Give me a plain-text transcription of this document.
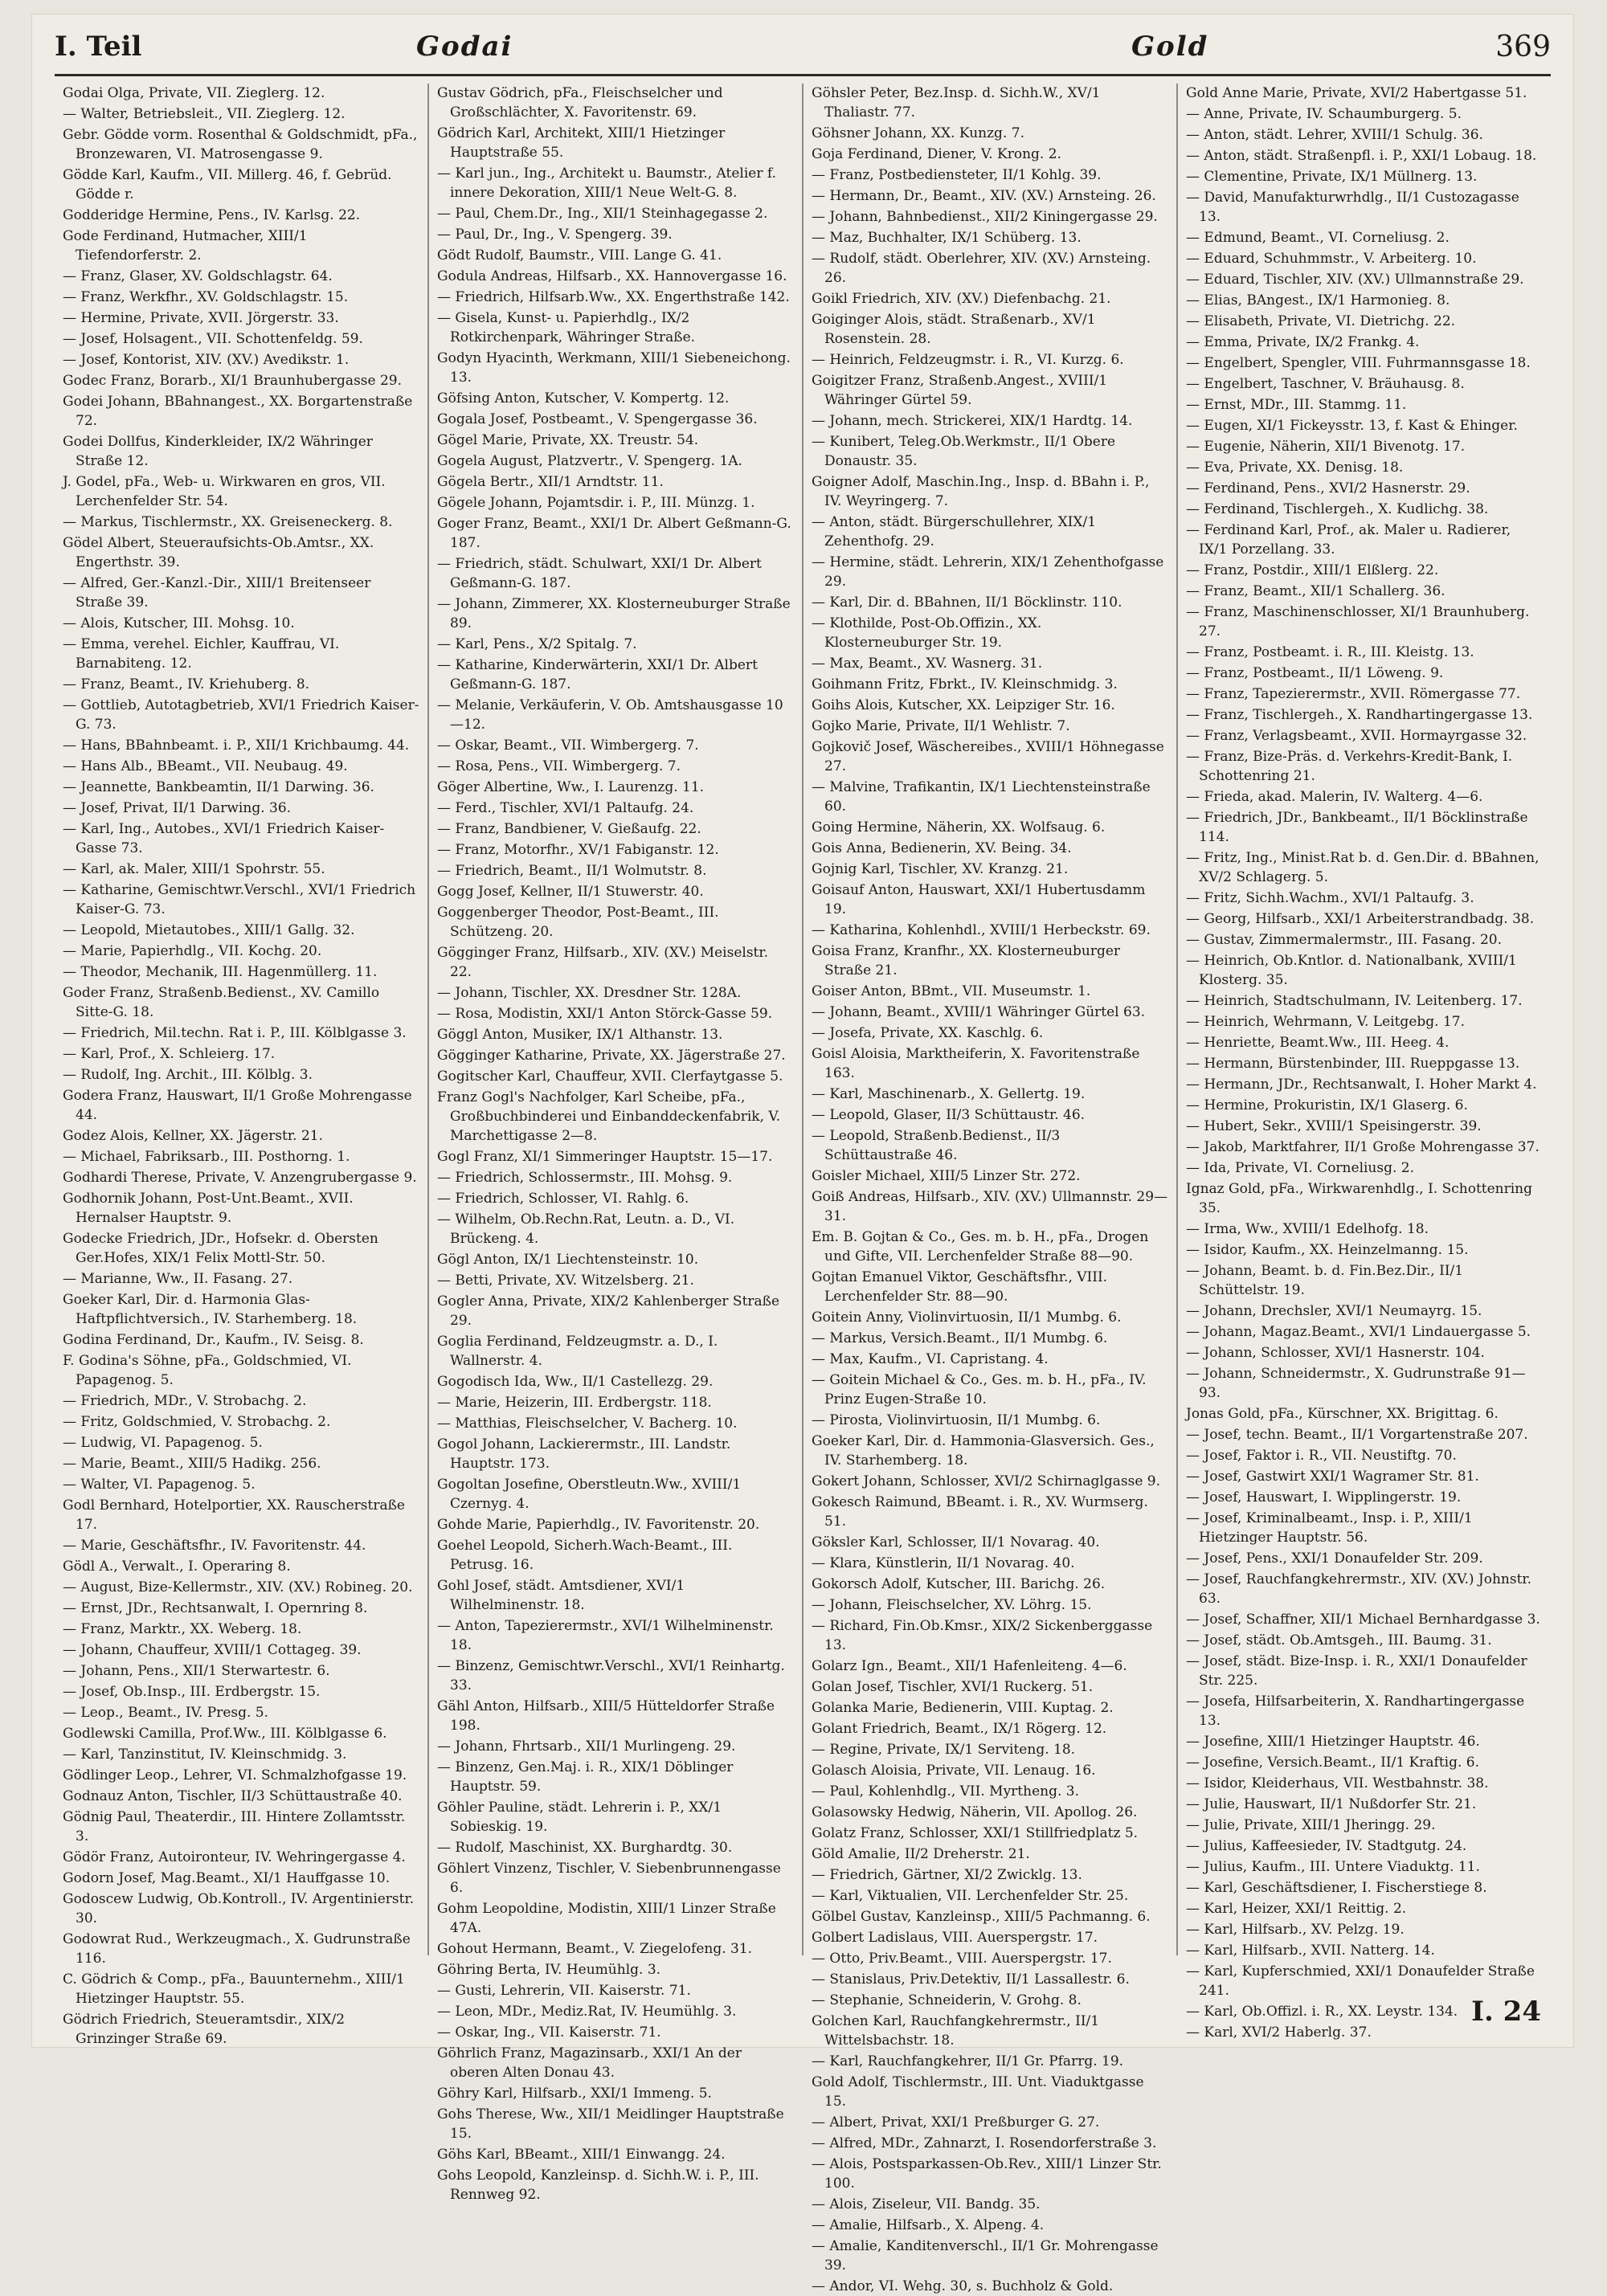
I. Teil	Godai	Gold	369

Godai Olga, Private, VII. Zieglerg. 12.

— Walter, Betriebsleit., VII. Zieglerg. 12.

Gebr. Gödde vorm. Rosenthal & Goldschmidt, pFa., Bronzewaren, VI. Matrosengasse 9.

Gödde Karl, Kaufm., VII. Millerg. 46, f. Gebrüd. Gödde r.

Godderidge Hermine, Pens., IV. Karlsg. 22.

Gode Ferdinand, Hutmacher, XIII/1 Tiefendorferstr. 2.

— Franz, Glaser, XV. Goldschlagstr. 64.

— Franz, Werkfhr., XV. Goldschlagstr. 15.

— Hermine, Private, XVII. Jörgerstr. 33.

— Josef, Holsagent., VII. Schottenfeldg. 59.

— Josef, Kontorist, XIV. (XV.) Avedikstr. 1.

Godec Franz, Borarb., XI/1 Braunhubergasse 29.

Godei Johann, BBahnangest., XX. Borgartenstraße 72.

Godei Dollfus, Kinderkleider, IX/2 Währinger Straße 12.

J. Godel, pFa., Web- u. Wirkwaren en gros, VII. Lerchenfelder Str. 54.

— Markus, Tischlermstr., XX. Greiseneckerg. 8.

Gödel Albert, Steueraufsichts-Ob.Amtsr., XX. Engerthstr. 39.

— Alfred, Ger.-Kanzl.-Dir., XIII/1 Breitenseer Straße 39.

— Alois, Kutscher, III. Mohsg. 10.

— Emma, verehel. Eichler, Kauffrau, VI. Barnabiteng. 12.

— Franz, Beamt., IV. Kriehuberg. 8.

— Gottlieb, Autotagbetrieb, XVI/1 Friedrich Kaiser-G. 73.

— Hans, BBahnbeamt. i. P., XII/1 Krichbaumg. 44.

— Hans Alb., BBeamt., VII. Neubaug. 49.

— Jeannette, Bankbeamtin, II/1 Darwing. 36.

— Josef, Privat, II/1 Darwing. 36.

— Karl, Ing., Autobes., XVI/1 Friedrich Kaiser-Gasse 73.

— Karl, ak. Maler, XIII/1 Spohrstr. 55.

— Katharine, Gemischtwr.Verschl., XVI/1 Friedrich Kaiser-G. 73.

— Leopold, Mietautobes., XIII/1 Gallg. 32.

— Marie, Papierhdlg., VII. Kochg. 20.

— Theodor, Mechanik, III. Hagenmüllerg. 11.

Goder Franz, Straßenb.Bedienst., XV. Camillo Sitte-G. 18.

— Friedrich, Mil.techn. Rat i. P., III. Kölblgasse 3.

— Karl, Prof., X. Schleierg. 17.

— Rudolf, Ing. Archit., III. Kölblg. 3.

Godera Franz, Hauswart, II/1 Große Mohrengasse 44.

Godez Alois, Kellner, XX. Jägerstr. 21.

— Michael, Fabriksarb., III. Posthorng. 1.

Godhardi Therese, Private, V. Anzengrubergasse 9.

Godhornik Johann, Post-Unt.Beamt., XVII. Hernalser Hauptstr. 9.

Godecke Friedrich, JDr., Hofsekr. d. Obersten Ger.Hofes, XIX/1 Felix Mottl-Str. 50.

— Marianne, Ww., II. Fasang. 27.

Goeker Karl, Dir. d. Harmonia Glas-Haftpflichtversich., IV. Starhemberg. 18.

Godina Ferdinand, Dr., Kaufm., IV. Seisg. 8.

F. Godina's Söhne, pFa., Goldschmied, VI. Papagenog. 5.

— Friedrich, MDr., V. Strobachg. 2.

— Fritz, Goldschmied, V. Strobachg. 2.

— Ludwig, VI. Papagenog. 5.

— Marie, Beamt., XIII/5 Hadikg. 256.

— Walter, VI. Papagenog. 5.

Godl Bernhard, Hotelportier, XX. Rauscherstraße 17.

— Marie, Geschäftsfhr., IV. Favoritenstr. 44.

Gödl A., Verwalt., I. Operaring 8.

— August, Bize-Kellermstr., XIV. (XV.) Robineg. 20.

— Ernst, JDr., Rechtsanwalt, I. Opernring 8.

— Franz, Marktr., XX. Weberg. 18.

— Johann, Chauffeur, XVIII/1 Cottageg. 39.

— Johann, Pens., XII/1 Sterwartestr. 6.

— Josef, Ob.Insp., III. Erdbergstr. 15.

— Leop., Beamt., IV. Presg. 5.

Godlewski Camilla, Prof.Ww., III. Kölblgasse 6.

— Karl, Tanzinstitut, IV. Kleinschmidg. 3.

Gödlinger Leop., Lehrer, VI. Schmalzhofgasse 19.

Godnauz Anton, Tischler, II/3 Schüttaustraße 40.

Gödnig Paul, Theaterdir., III. Hintere Zollamtsstr. 3.

Gödör Franz, Autoironteur, IV. Wehringergasse 4.

Godorn Josef, Mag.Beamt., XI/1 Hauffgasse 10.

Godoscew Ludwig, Ob.Kontroll., IV. Argentinierstr. 30.

Godowrat Rud., Werkzeugmach., X. Gudrunstraße 116.

C. Gödrich & Comp., pFa., Bauunternehm., XIII/1 Hietzinger Hauptstr. 55.

Gödrich Friedrich, Steueramtsdir., XIX/2 Grinzinger Straße 69.

Gustav Gödrich, pFa., Fleischselcher und Großschlächter, X. Favoritenstr. 69.

Gödrich Karl, Architekt, XIII/1 Hietzinger Hauptstraße 55.

— Karl jun., Ing., Architekt u. Baumstr., Atelier f. innere Dekoration, XIII/1 Neue Welt-G. 8.

— Paul, Chem.Dr., Ing., XII/1 Steinhagegasse 2.

— Paul, Dr., Ing., V. Spengerg. 39.

Gödt Rudolf, Baumstr., VIII. Lange G. 41.

Godula Andreas, Hilfsarb., XX. Hannovergasse 16.

— Friedrich, Hilfsarb.Ww., XX. Engerthstraße 142.

— Gisela, Kunst- u. Papierhdlg., IX/2 Rotkirchenpark, Währinger Straße.

Godyn Hyacinth, Werkmann, XIII/1 Siebeneichong. 13.

Göfsing Anton, Kutscher, V. Kompertg. 12.

Gogala Josef, Postbeamt., V. Spengergasse 36.

Gögel Marie, Private, XX. Treustr. 54.

Gogela August, Platzvertr., V. Spengerg. 1A.

Gögela Bertr., XII/1 Arndtstr. 11.

Gögele Johann, Pojamtsdir. i. P., III. Münzg. 1.

Goger Franz, Beamt., XXI/1 Dr. Albert Geßmann-G. 187.

— Friedrich, städt. Schulwart, XXI/1 Dr. Albert Geßmann-G. 187.

— Johann, Zimmerer, XX. Klosterneuburger Straße 89.

— Karl, Pens., X/2 Spitalg. 7.

— Katharine, Kinderwärterin, XXI/1 Dr. Albert Geßmann-G. 187.

— Melanie, Verkäuferin, V. Ob. Amtshausgasse 10—12.

— Oskar, Beamt., VII. Wimbergerg. 7.

— Rosa, Pens., VII. Wimbergerg. 7.

Göger Albertine, Ww., I. Laurenzg. 11.

— Ferd., Tischler, XVI/1 Paltaufg. 24.

— Franz, Bandbiener, V. Gießaufg. 22.

— Franz, Motorfhr., XV/1 Fabiganstr. 12.

— Friedrich, Beamt., II/1 Wolmutstr. 8.

Gogg Josef, Kellner, II/1 Stuwerstr. 40.

Goggenberger Theodor, Post-Beamt., III. Schützeng. 20.

Gögginger Franz, Hilfsarb., XIV. (XV.) Meiselstr. 22.

— Johann, Tischler, XX. Dresdner Str. 128A.

— Rosa, Modistin, XXI/1 Anton Störck-Gasse 59.

Göggl Anton, Musiker, IX/1 Althanstr. 13.

Gögginger Katharine, Private, XX. Jägerstraße 27.

Gogitscher Karl, Chauffeur, XVII. Clerfaytgasse 5.

Franz Gogl's Nachfolger, Karl Scheibe, pFa., Großbuchbinderei und Einbanddeckenfabrik, V. Marchettigasse 2—8.

Gogl Franz, XI/1 Simmeringer Hauptstr. 15—17.

— Friedrich, Schlossermstr., III. Mohsg. 9.

— Friedrich, Schlosser, VI. Rahlg. 6.

— Wilhelm, Ob.Rechn.Rat, Leutn. a. D., VI. Brückeng. 4.

Gögl Anton, IX/1 Liechtensteinstr. 10.

— Betti, Private, XV. Witzelsberg. 21.

Gogler Anna, Private, XIX/2 Kahlenberger Straße 29.

Goglia Ferdinand, Feldzeugmstr. a. D., I. Wallnerstr. 4.

Gogodisch Ida, Ww., II/1 Castellezg. 29.

— Marie, Heizerin, III. Erdbergstr. 118.

— Matthias, Fleischselcher, V. Bacherg. 10.

Gogol Johann, Lackierermstr., III. Landstr. Hauptstr. 173.

Gogoltan Josefine, Oberstleutn.Ww., XVIII/1 Czernyg. 4.

Gohde Marie, Papierhdlg., IV. Favoritenstr. 20.

Goehel Leopold, Sicherh.Wach-Beamt., III. Petrusg. 16.

Gohl Josef, städt. Amtsdiener, XVI/1 Wilhelminenstr. 18.

— Anton, Tapezierermstr., XVI/1 Wilhelminenstr. 18.

— Binzenz, Gemischtwr.Verschl., XVI/1 Reinhartg. 33.

Gähl Anton, Hilfsarb., XIII/5 Hütteldorfer Straße 198.

— Johann, Fhrtsarb., XII/1 Murlingeng. 29.

— Binzenz, Gen.Maj. i. R., XIX/1 Döblinger Hauptstr. 59.

Göhler Pauline, städt. Lehrerin i. P., XX/1 Sobieskig. 19.

— Rudolf, Maschinist, XX. Burghardtg. 30.

Göhlert Vinzenz, Tischler, V. Siebenbrunnengasse 6.

Gohm Leopoldine, Modistin, XIII/1 Linzer Straße 47A.

Gohout Hermann, Beamt., V. Ziegelofeng. 31.

Göhring Berta, IV. Heumühlg. 3.

— Gusti, Lehrerin, VII. Kaiserstr. 71.

— Leon, MDr., Mediz.Rat, IV. Heumühlg. 3.

— Oskar, Ing., VII. Kaiserstr. 71.

Göhrlich Franz, Magazinsarb., XXI/1 An der oberen Alten Donau 43.

Göhry Karl, Hilfsarb., XXI/1 Immeng. 5.

Gohs Therese, Ww., XII/1 Meidlinger Hauptstraße 15.

Göhs Karl, BBeamt., XIII/1 Einwangg. 24.

Gohs Leopold, Kanzleinsp. d. Sichh.W. i. P., III. Rennweg 92.

Göhsler Peter, Bez.Insp. d. Sichh.W., XV/1 Thaliastr. 77.

Göhsner Johann, XX. Kunzg. 7.

Goja Ferdinand, Diener, V. Krong. 2.

— Franz, Postbediensteter, II/1 Kohlg. 39.

— Hermann, Dr., Beamt., XIV. (XV.) Arnsteing. 26.

— Johann, Bahnbedienst., XII/2 Kiningergasse 29.

— Maz, Buchhalter, IX/1 Schüberg. 13.

— Rudolf, städt. Oberlehrer, XIV. (XV.) Arnsteing. 26.

Goikl Friedrich, XIV. (XV.) Diefenbachg. 21.

Goiginger Alois, städt. Straßenarb., XV/1 Rosenstein. 28.

— Heinrich, Feldzeugmstr. i. R., VI. Kurzg. 6.

Goigitzer Franz, Straßenb.Angest., XVIII/1 Währinger Gürtel 59.

— Johann, mech. Strickerei, XIX/1 Hardtg. 14.

— Kunibert, Teleg.Ob.Werkmstr., II/1 Obere Donaustr. 35.

Goigner Adolf, Maschin.Ing., Insp. d. BBahn i. P., IV. Weyringerg. 7.

— Anton, städt. Bürgerschullehrer, XIX/1 Zehenthofg. 29.

— Hermine, städt. Lehrerin, XIX/1 Zehenthofgasse 29.

— Karl, Dir. d. BBahnen, II/1 Böcklinstr. 110.

— Klothilde, Post-Ob.Offizin., XX. Klosterneuburger Str. 19.

— Max, Beamt., XV. Wasnerg. 31.

Goihmann Fritz, Fbrkt., IV. Kleinschmidg. 3.

Goihs Alois, Kutscher, XX. Leipziger Str. 16.

Gojko Marie, Private, II/1 Wehlistr. 7.

Gojkovič Josef, Wäschereibes., XVIII/1 Höhnegasse 27.

— Malvine, Trafikantin, IX/1 Liechtensteinstraße 60.

Going Hermine, Näherin, XX. Wolfsaug. 6.

Gois Anna, Bedienerin, XV. Being. 34.

Gojnig Karl, Tischler, XV. Kranzg. 21.

Goisauf Anton, Hauswart, XXI/1 Hubertusdamm 19.

— Katharina, Kohlenhdl., XVIII/1 Herbeckstr. 69.

Goisa Franz, Kranfhr., XX. Klosterneuburger Straße 21.

Goiser Anton, BBmt., VII. Museumstr. 1.

— Johann, Beamt., XVIII/1 Währinger Gürtel 63.

— Josefa, Private, XX. Kaschlg. 6.

Goisl Aloisia, Marktheiferin, X. Favoritenstraße 163.

— Karl, Maschinenarb., X. Gellertg. 19.

— Leopold, Glaser, II/3 Schüttaustr. 46.

— Leopold, Straßenb.Bedienst., II/3 Schüttaustraße 46.

Goisler Michael, XIII/5 Linzer Str. 272.

Goiß Andreas, Hilfsarb., XIV. (XV.) Ullmannstr. 29—31.

Em. B. Gojtan & Co., Ges. m. b. H., pFa., Drogen und Gifte, VII. Lerchenfelder Straße 88—90.

Gojtan Emanuel Viktor, Geschäftsfhr., VIII. Lerchenfelder Str. 88—90.

Goitein Anny, Violinvirtuosin, II/1 Mumbg. 6.

— Markus, Versich.Beamt., II/1 Mumbg. 6.

— Max, Kaufm., VI. Capristang. 4.

— Goitein Michael & Co., Ges. m. b. H., pFa., IV. Prinz Eugen-Straße 10.

— Pirosta, Violinvirtuosin, II/1 Mumbg. 6.

Goeker Karl, Dir. d. Hammonia-Glasversich. Ges., IV. Starhemberg. 18.

Gokert Johann, Schlosser, XVI/2 Schirnaglgasse 9.

Gokesch Raimund, BBeamt. i. R., XV. Wurmserg. 51.

Göksler Karl, Schlosser, II/1 Novarag. 40.

— Klara, Künstlerin, II/1 Novarag. 40.

Gokorsch Adolf, Kutscher, III. Barichg. 26.

— Johann, Fleischselcher, XV. Löhrg. 15.

— Richard, Fin.Ob.Kmsr., XIX/2 Sickenberggasse 13.

Golarz Ign., Beamt., XII/1 Hafenleiteng. 4—6.

Golan Josef, Tischler, XVI/1 Ruckerg. 51.

Golanka Marie, Bedienerin, VIII. Kuptag. 2.

Golant Friedrich, Beamt., IX/1 Rögerg. 12.

— Regine, Private, IX/1 Serviteng. 18.

Golasch Aloisia, Private, VII. Lenaug. 16.

— Paul, Kohlenhdlg., VII. Myrtheng. 3.

Golasowsky Hedwig, Näherin, VII. Apollog. 26.

Golatz Franz, Schlosser, XXI/1 Stillfriedplatz 5.

Göld Amalie, II/2 Dreherstr. 21.

— Friedrich, Gärtner, XI/2 Zwicklg. 13.

— Karl, Viktualien, VII. Lerchenfelder Str. 25.

Gölbel Gustav, Kanzleinsp., XIII/5 Pachmanng. 6.

Golbert Ladislaus, VIII. Auerspergstr. 17.

— Otto, Priv.Beamt., VIII. Auerspergstr. 17.

— Stanislaus, Priv.Detektiv, II/1 Lassallestr. 6.

— Stephanie, Schneiderin, V. Grohg. 8.

Golchen Karl, Rauchfangkehrermstr., II/1 Wittelsbachstr. 18.

— Karl, Rauchfangkehrer, II/1 Gr. Pfarrg. 19.

Gold Adolf, Tischlermstr., III. Unt. Viaduktgasse 15.

— Albert, Privat, XXI/1 Preßburger G. 27.

— Alfred, MDr., Zahnarzt, I. Rosendorferstraße 3.

— Alois, Postsparkassen-Ob.Rev., XIII/1 Linzer Str. 100.

— Alois, Ziseleur, VII. Bandg. 35.

— Amalie, Hilfsarb., X. Alpeng. 4.

— Amalie, Kanditenverschl., II/1 Gr. Mohrengasse 39.

— Andor, VI. Wehg. 30, s. Buchholz & Gold.

Gold Anne Marie, Private, XVI/2 Habertgasse 51.

— Anne, Private, IV. Schaumburgerg. 5.

— Anton, städt. Lehrer, XVIII/1 Schulg. 36.

— Anton, städt. Straßenpfl. i. P., XXI/1 Lobaug. 18.

— Clementine, Private, IX/1 Müllnerg. 13.

— David, Manufakturwrhdlg., II/1 Custozagasse 13.

— Edmund, Beamt., VI. Corneliusg. 2.

— Eduard, Schuhmmstr., V. Arbeiterg. 10.

— Eduard, Tischler, XIV. (XV.) Ullmannstraße 29.

— Elias, BAngest., IX/1 Harmonieg. 8.

— Elisabeth, Private, VI. Dietrichg. 22.

— Emma, Private, IX/2 Frankg. 4.

— Engelbert, Spengler, VIII. Fuhrmannsgasse 18.

— Engelbert, Taschner, V. Bräuhausg. 8.

— Ernst, MDr., III. Stammg. 11.

— Eugen, XI/1 Fickeysstr. 13, f. Kast & Ehinger.

— Eugenie, Näherin, XII/1 Bivenotg. 17.

— Eva, Private, XX. Denisg. 18.

— Ferdinand, Pens., XVI/2 Hasnerstr. 29.

— Ferdinand, Tischlergeh., X. Kudlichg. 38.

— Ferdinand Karl, Prof., ak. Maler u. Radierer, IX/1 Porzellang. 33.

— Franz, Postdir., XIII/1 Elßlerg. 22.

— Franz, Beamt., XII/1 Schallerg. 36.

— Franz, Maschinenschlosser, XI/1 Braunhuberg. 27.

— Franz, Postbeamt. i. R., III. Kleistg. 13.

— Franz, Postbeamt., II/1 Löweng. 9.

— Franz, Tapezierermstr., XVII. Römergasse 77.

— Franz, Tischlergeh., X. Randhartingergasse 13.

— Franz, Verlagsbeamt., XVII. Hormayrgasse 32.

— Franz, Bize-Präs. d. Verkehrs-Kredit-Bank, I. Schottenring 21.

— Frieda, akad. Malerin, IV. Walterg. 4—6.

— Friedrich, JDr., Bankbeamt., II/1 Böcklinstraße 114.

— Fritz, Ing., Minist.Rat b. d. Gen.Dir. d. BBahnen, XV/2 Schlagerg. 5.

— Fritz, Sichh.Wachm., XVI/1 Paltaufg. 3.

— Georg, Hilfsarb., XXI/1 Arbeiterstrandbadg. 38.

— Gustav, Zimmermalermstr., III. Fasang. 20.

— Heinrich, Ob.Kntlor. d. Nationalbank, XVIII/1 Klosterg. 35.

— Heinrich, Stadtschulmann, IV. Leitenberg. 17.

— Heinrich, Wehrmann, V. Leitgebg. 17.

— Henriette, Beamt.Ww., III. Heeg. 4.

— Hermann, Bürstenbinder, III. Rueppgasse 13.

— Hermann, JDr., Rechtsanwalt, I. Hoher Markt 4.

— Hermine, Prokuristin, IX/1 Glaserg. 6.

— Hubert, Sekr., XVIII/1 Speisingerstr. 39.

— Jakob, Marktfahrer, II/1 Große Mohrengasse 37.

— Ida, Private, VI. Corneliusg. 2.

Ignaz Gold, pFa., Wirkwarenhdlg., I. Schottenring 35.

— Irma, Ww., XVIII/1 Edelhofg. 18.

— Isidor, Kaufm., XX. Heinzelmanng. 15.

— Johann, Beamt. b. d. Fin.Bez.Dir., II/1 Schüttelstr. 19.

— Johann, Drechsler, XVI/1 Neumayrg. 15.

— Johann, Magaz.Beamt., XVI/1 Lindauergasse 5.

— Johann, Schlosser, XVI/1 Hasnerstr. 104.

— Johann, Schneidermstr., X. Gudrunstraße 91—93.

Jonas Gold, pFa., Kürschner, XX. Brigittag. 6.

— Josef, techn. Beamt., II/1 Vorgartenstraße 207.

— Josef, Faktor i. R., VII. Neustiftg. 70.

— Josef, Gastwirt XXI/1 Wagramer Str. 81.

— Josef, Hauswart, I. Wipplingerstr. 19.

— Josef, Kriminalbeamt., Insp. i. P., XIII/1 Hietzinger Hauptstr. 56.

— Josef, Pens., XXI/1 Donaufelder Str. 209.

— Josef, Rauchfangkehrermstr., XIV. (XV.) Johnstr. 63.

— Josef, Schaffner, XII/1 Michael Bernhardgasse 3.

— Josef, städt. Ob.Amtsgeh., III. Baumg. 31.

— Josef, städt. Bize-Insp. i. R., XXI/1 Donaufelder Str. 225.

— Josefa, Hilfsarbeiterin, X. Randhartingergasse 13.

— Josefine, XIII/1 Hietzinger Hauptstr. 46.

— Josefine, Versich.Beamt., II/1 Kraftig. 6.

— Isidor, Kleiderhaus, VII. Westbahnstr. 38.

— Julie, Hauswart, II/1 Nußdorfer Str. 21.

— Julie, Private, XIII/1 Jheringg. 29.

— Julius, Kaffeesieder, IV. Stadtgutg. 24.

— Julius, Kaufm., III. Untere Viaduktg. 11.

— Karl, Geschäftsdiener, I. Fischerstiege 8.

— Karl, Heizer, XXI/1 Reittig. 2.

— Karl, Hilfsarb., XV. Pelzg. 19.

— Karl, Hilfsarb., XVII. Natterg. 14.

— Karl, Kupferschmied, XXI/1 Donaufelder Straße 241.

— Karl, Ob.Offizl. i. R., XX. Leystr. 134.

— Karl, XVI/2 Haberlg. 37.

I. 24
